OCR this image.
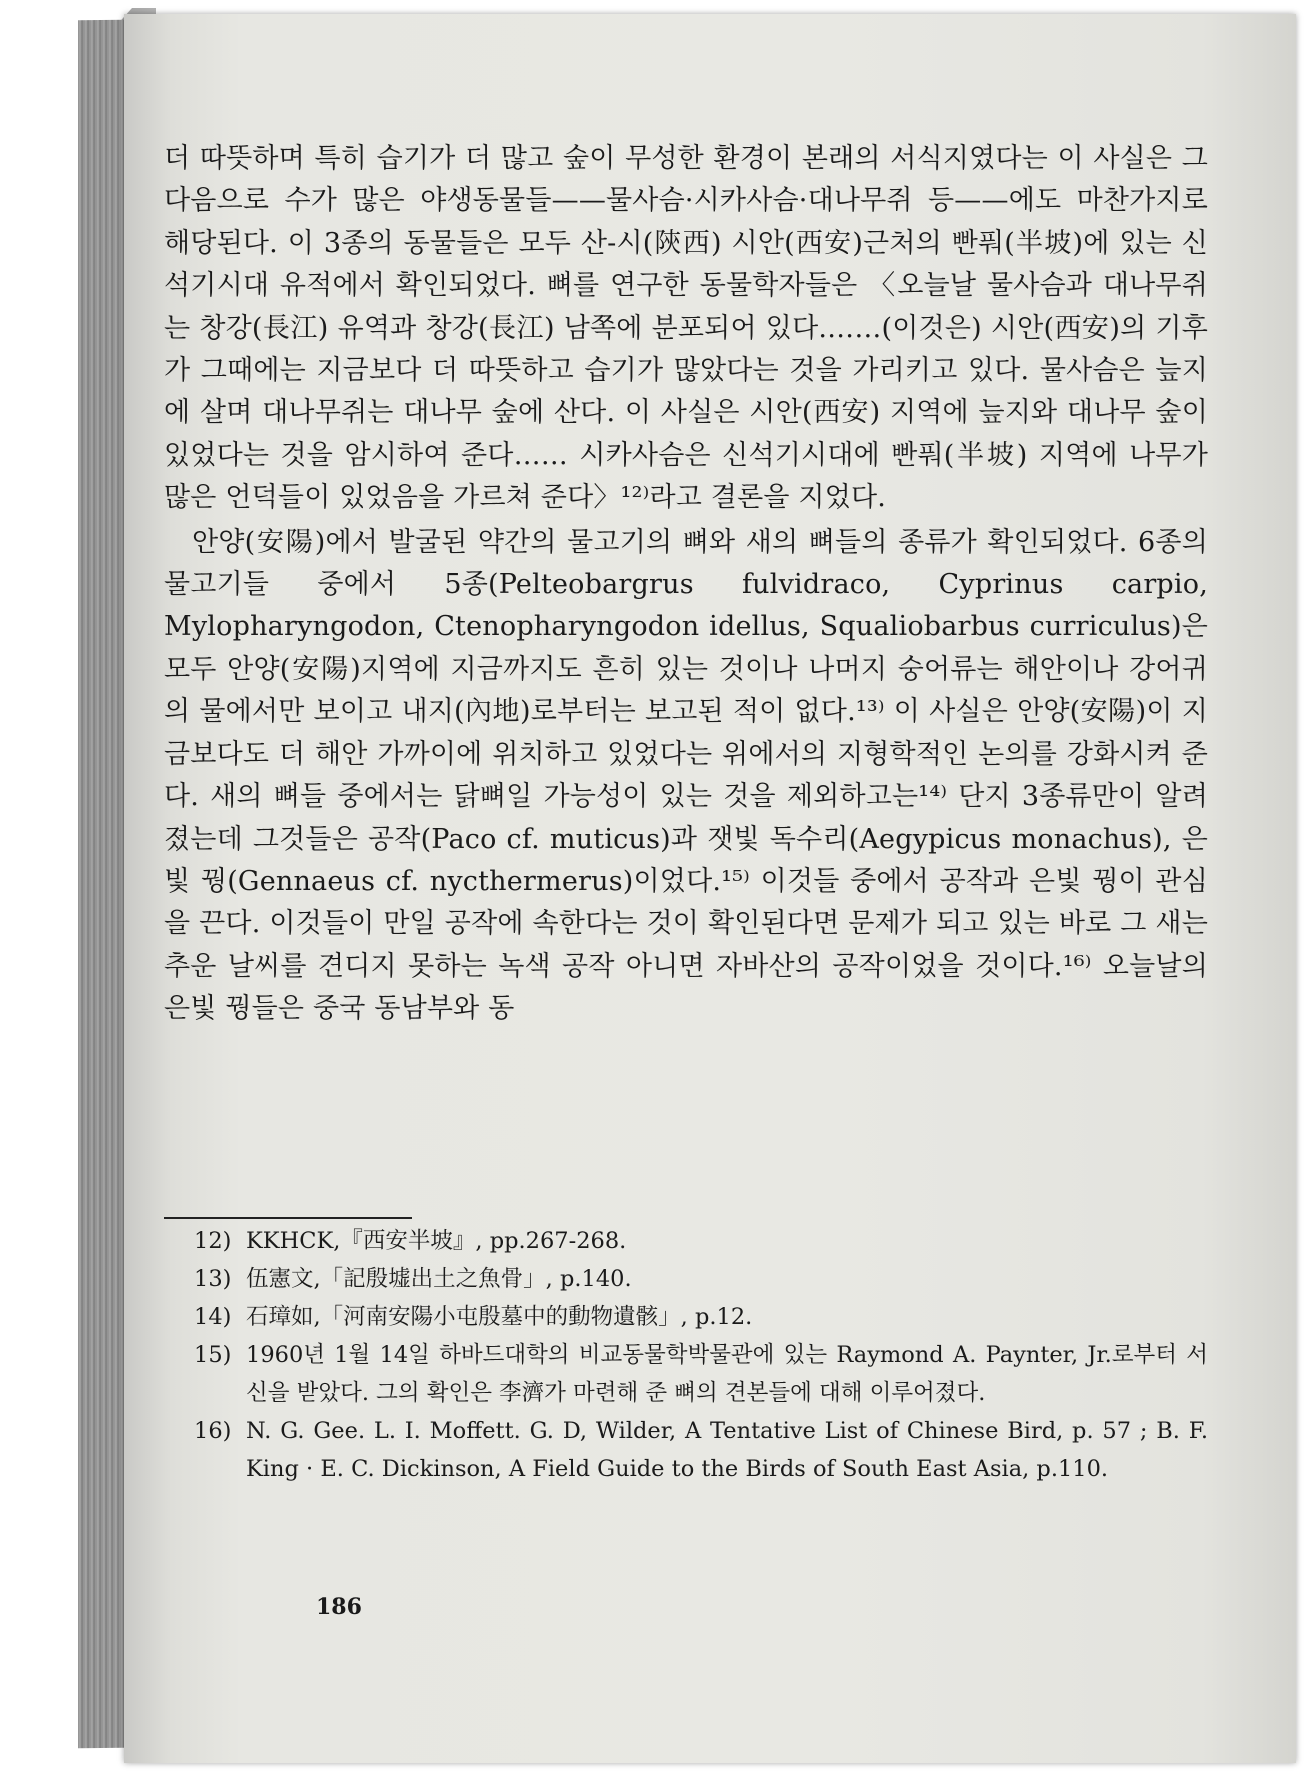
더 따뜻하며 특히 습기가 더 많고 숲이 무성한 환경이 본래의 서식지였다는 이 사실은 그 다음으로 수가 많은 야생동물들——물사슴·시카사슴·대나무쥐 등——에도 마찬가지로 해당된다. 이 3종의 동물들은 모두 산-시(陝西) 시안(西安)근처의 빤풔(半坡)에 있는 신석기시대 유적에서 확인되었다. 뼈를 연구한 동물학자들은 〈오늘날 물사슴과 대나무쥐는 창강(長江) 유역과 창강(長江) 남쪽에 분포되어 있다.……(이것은) 시안(西安)의 기후가 그때에는 지금보다 더 따뜻하고 습기가 많았다는 것을 가리키고 있다. 물사슴은 늪지에 살며 대나무쥐는 대나무 숲에 산다. 이 사실은 시안(西安) 지역에 늪지와 대나무 숲이 있었다는 것을 암시하여 준다…… 시카사슴은 신석기시대에 빤풔(半坡) 지역에 나무가 많은 언덕들이 있었음을 가르쳐 준다〉¹²⁾라고 결론을 지었다.

안양(安陽)에서 발굴된 약간의 물고기의 뼈와 새의 뼈들의 종류가 확인되었다. 6종의 물고기들 중에서 5종(Pelteobargrus fulvidraco, Cyprinus carpio, Mylopharyngodon, Ctenopharyngodon idellus, Squaliobarbus curriculus)은 모두 안양(安陽)지역에 지금까지도 흔히 있는 것이나 나머지 숭어류는 해안이나 강어귀의 물에서만 보이고 내지(內地)로부터는 보고된 적이 없다.¹³⁾ 이 사실은 안양(安陽)이 지금보다도 더 해안 가까이에 위치하고 있었다는 위에서의 지형학적인 논의를 강화시켜 준다. 새의 뼈들 중에서는 닭뼈일 가능성이 있는 것을 제외하고는¹⁴⁾ 단지 3종류만이 알려졌는데 그것들은 공작(Paco cf. muticus)과 잿빛 독수리(Aegypicus monachus), 은빛 꿩(Gennaeus cf. nycthermerus)이었다.¹⁵⁾ 이것들 중에서 공작과 은빛 꿩이 관심을 끈다. 이것들이 만일 공작에 속한다는 것이 확인된다면 문제가 되고 있는 바로 그 새는 추운 날씨를 견디지 못하는 녹색 공작 아니면 자바산의 공작이었을 것이다.¹⁶⁾ 오늘날의 은빛 꿩들은 중국 동남부와 동

12) KKHCK,『西安半坡』, pp.267-268.
13) 伍憲文,「記殷墟出土之魚骨」, p.140.
14) 石璋如,「河南安陽小屯殷墓中的動物遺骸」, p.12.
15) 1960년 1월 14일 하바드대학의 비교동물학박물관에 있는 Raymond A. Paynter, Jr.로부터 서신을 받았다. 그의 확인은 李濟가 마련해 준 뼈의 견본들에 대해 이루어졌다.
16) N. G. Gee. L. I. Moffett. G. D, Wilder, A Tentative List of Chinese Bird, p. 57 ; B. F. King · E. C. Dickinson, A Field Guide to the Birds of South East Asia, p.110.
186
